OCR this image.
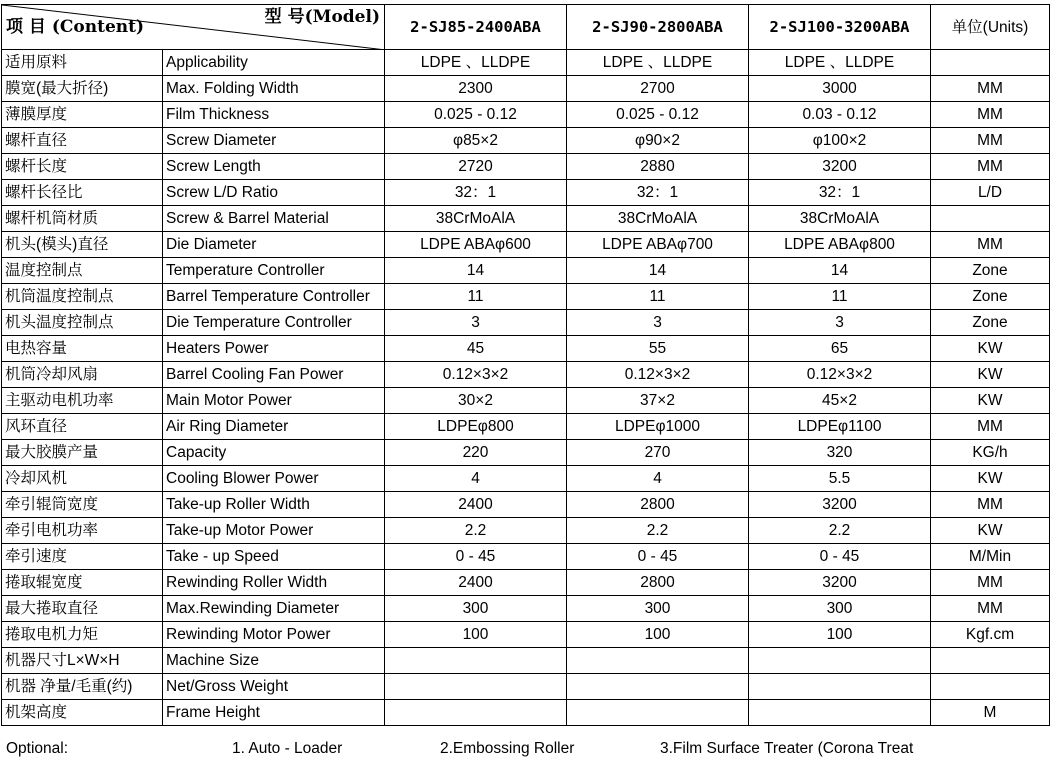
项 目 (Content) 型 号(Model)		2-SJ85-2400ABA	2-SJ90-2800ABA	2-SJ100-3200ABA	单位(Units)
适用原料	Applicability	LDPE 、LLDPE	LDPE 、LLDPE	LDPE 、LLDPE	
膜宽(最大折径)	Max. Folding Width	2300	2700	3000	MM
薄膜厚度	Film Thickness	0.025 - 0.12	0.025 - 0.12	0.03 - 0.12	MM
螺杆直径	Screw Diameter	φ85×2	φ90×2	φ100×2	MM
螺杆长度	Screw Length	2720	2880	3200	MM
螺杆长径比	Screw L/D Ratio	32：1	32：1	32：1	L/D
螺杆机筒材质	Screw & Barrel Material	38CrMoAlA	38CrMoAlA	38CrMoAlA	
机头(模头)直径	Die Diameter	LDPE ABAφ600	LDPE ABAφ700	LDPE ABAφ800	MM
温度控制点	Temperature Controller	14	14	14	Zone
机筒温度控制点	Barrel Temperature Controller	11	11	11	Zone
机头温度控制点	Die Temperature Controller	3	3	3	Zone
电热容量	Heaters Power	45	55	65	KW
机筒冷却风扇	Barrel Cooling Fan Power	0.12×3×2	0.12×3×2	0.12×3×2	KW
主驱动电机功率	Main Motor Power	30×2	37×2	45×2	KW
风环直径	Air Ring Diameter	LDPEφ800	LDPEφ1000	LDPEφ1100	MM
最大胶膜产量	Capacity	220	270	320	KG/h
冷却风机	Cooling Blower Power	4	4	5.5	KW
牵引辊筒宽度	Take-up Roller Width	2400	2800	3200	MM
牵引电机功率	Take-up Motor Power	2.2	2.2	2.2	KW
牵引速度	Take - up Speed	0 - 45	0 - 45	0 - 45	M/Min
捲取辊宽度	Rewinding Roller Width	2400	2800	3200	MM
最大捲取直径	Max.Rewinding Diameter	300	300	300	MM
捲取电机力矩	Rewinding Motor Power	100	100	100	Kgf.cm
机器尺寸L×W×H	Machine Size				
机器 净量/毛重(约)	Net/Gross Weight				
机架高度	Frame Height				M
Optional:	1. Auto - Loader	2.Embossing Roller	3.Film Surface Treater (Corona Treat
